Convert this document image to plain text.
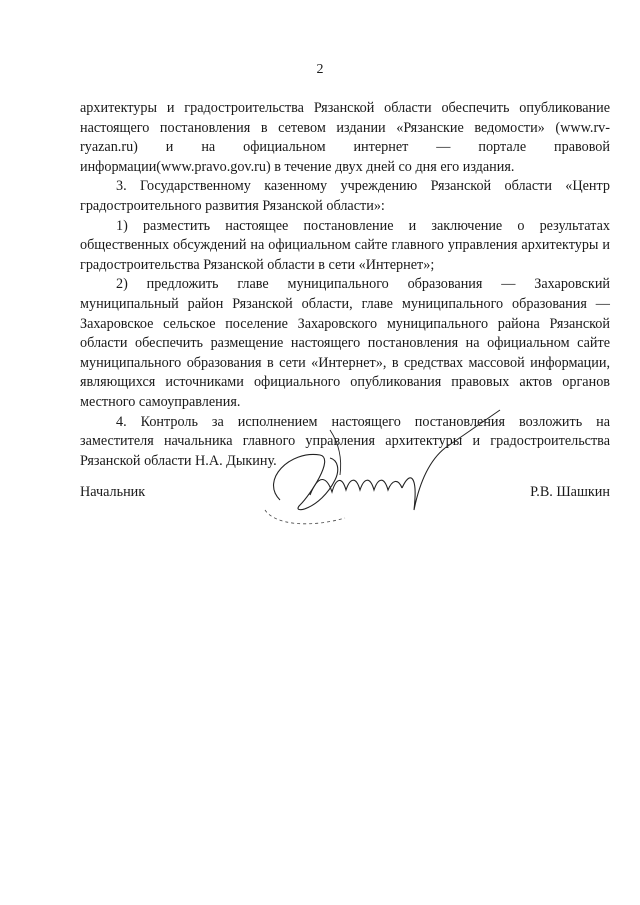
2

архитектуры и градостроительства Рязанской области обеспечить опубликование настоящего постановления в сетевом издании «Рязанские ведомости» (www.rv-ryazan.ru) и на официальном интернет — портале правовой информации(www.pravo.gov.ru) в течение двух дней со дня его издания.

3. Государственному казенному учреждению Рязанской области «Центр градостроительного развития Рязанской области»:

1) разместить настоящее постановление и заключение о результатах общественных обсуждений на официальном сайте главного управления архитектуры и градостроительства Рязанской области в сети «Интернет»;

2) предложить главе муниципального образования — Захаровский муниципальный район Рязанской области, главе муниципального образования — Захаровское сельское поселение Захаровского муниципального района Рязанской области обеспечить размещение настоящего постановления на официальном сайте муниципального образования в сети «Интернет», в средствах массовой информации, являющихся источниками официального опубликования правовых актов органов местного самоуправления.

4. Контроль за исполнением настоящего постановления возложить на заместителя начальника главного управления архитектуры и градостроительства Рязанской области Н.А. Дыкину.

Начальник	Р.В. Шашкин
